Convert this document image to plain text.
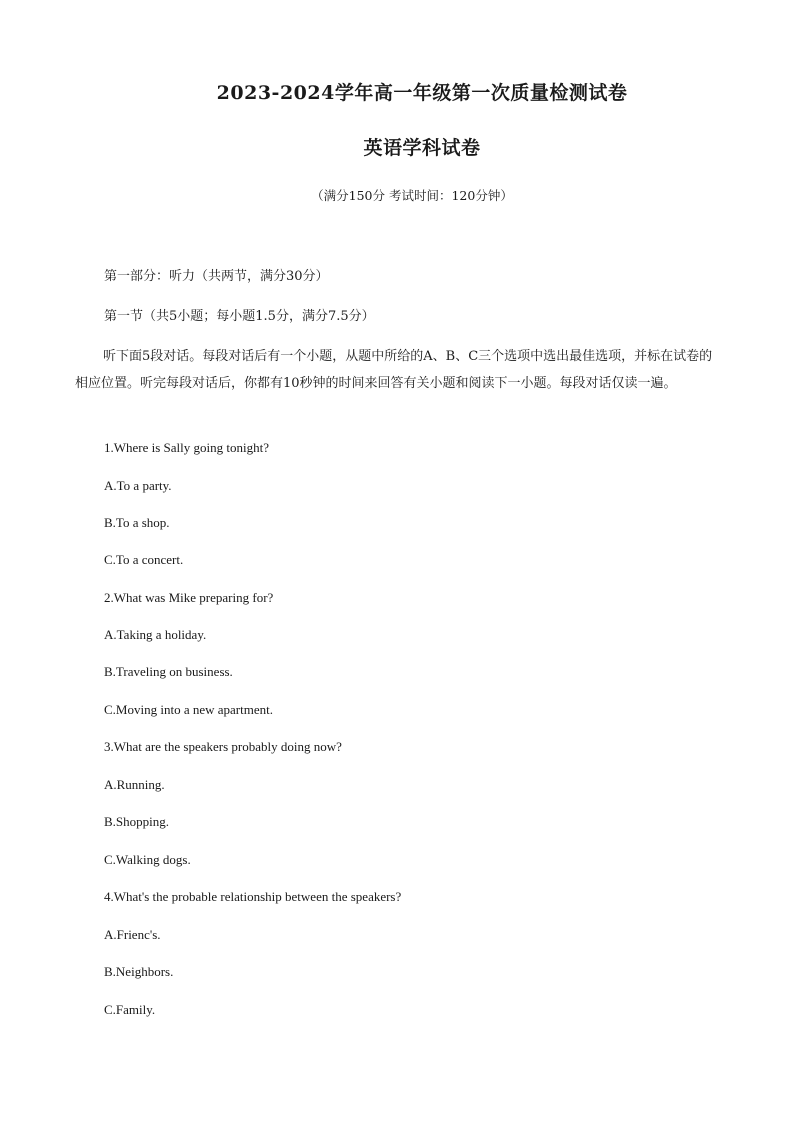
2023-2024学年高一年级第一次质量检测试卷
英语学科试卷
（满分150分 考试时间：120分钟）
第一部分：听力（共两节，满分30分）
第一节（共5小题；每小题1.5分，满分7.5分）
听下面5段对话。每段对话后有一个小题，从题中所给的A、B、C三个选项中选出最佳选项，并标在试卷的相应位置。听完每段对话后，你都有10秒钟的时间来回答有关小题和阅读下一小题。每段对话仅读一遍。
1.Where is Sally going tonight?
A.To a party.
B.To a shop.
C.To a concert.
2.What was Mike preparing for?
A.Taking a holiday.
B.Traveling on business.
C.Moving into a new apartment.
3.What are the speakers probably doing now?
A.Running.
B.Shopping.
C.Walking dogs.
4.What's the probable relationship between the speakers?
A.Frienc's.
B.Neighbors.
C.Family.
